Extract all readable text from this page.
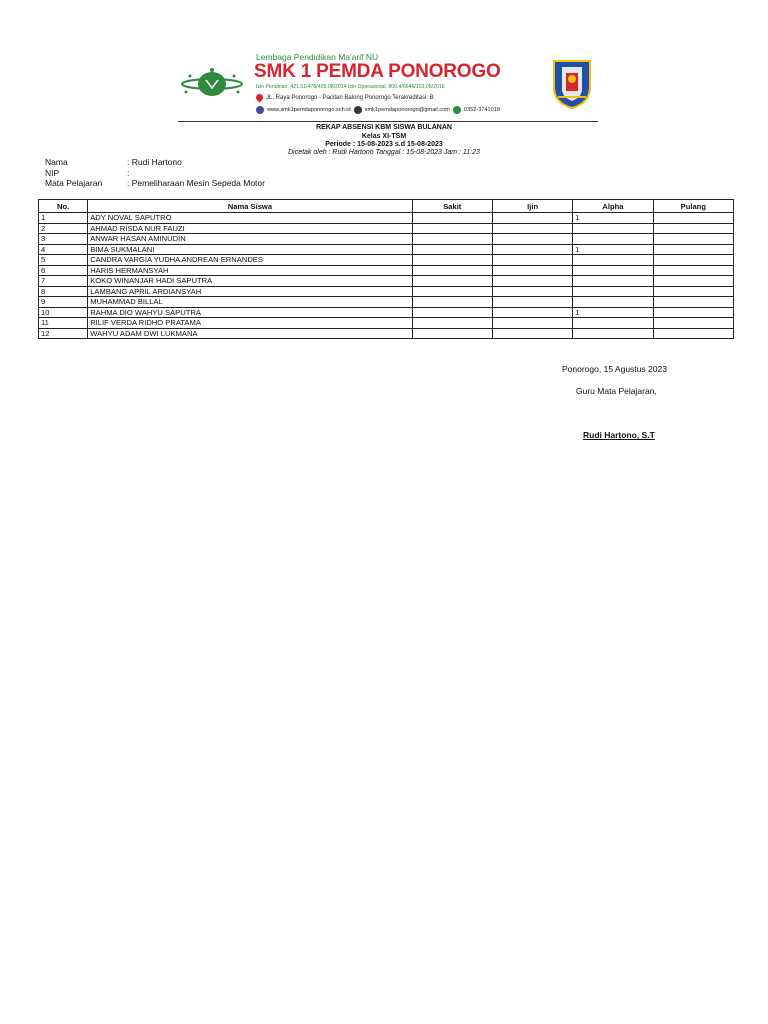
Lembaga Pendidikan Ma'arif NU
SMK 1 PEMDA PONOROGO
Izin Pendirian: 421.51/478/405.08/2014 Izin Operasional: 800.4/6646/103.05/2016
JL. Raya Ponorogo - Pacitan Balong Ponorogo Terakreditasi: B
www.smk1pemdaponorogo.sch.id	smk1pemdaponorogo@gmail.com	0352-3741018
REKAP ABSENSI KBM SISWA BULANAN
Kelas XI-TSM
Periode : 15-08-2023 s.d 15-08-2023
Dicetak oleh : Rudi Hartono Tanggal : 15-08-2023 Jam : 11:23
Nama	: Rudi Hartono
NIP	:
Mata Pelajaran	: Pemeliharaan Mesin Sepeda Motor
No.	Nama Siswa	Sakit	Ijin	Alpha	Pulang
1	ADY NOVAL SAPUTRO			1	
2	AHMAD RISDA NUR FAUZI				
3	ANWAR HASAN AMINUDIN				
4	BIMA SUKMALANI			1	
5	CANDRA VARGIA YUDHA ANDREAN ERNANDES				
6	HARIS HERMANSYAH				
7	KOKO WINANJAR HADI SAPUTRA				
8	LAMBANG APRIL ARDIANSYAH				
9	MUHAMMAD BILLAL				
10	RAHMA DIO WAHYU SAPUTRA			1	
11	RILIF VERDA RIDHO PRATAMA				
12	WAHYU ADAM DWI LUKMANA				
Ponorogo, 15 Agustus 2023
Guru Mata Pelajaran,
Rudi Hartono, S.T
